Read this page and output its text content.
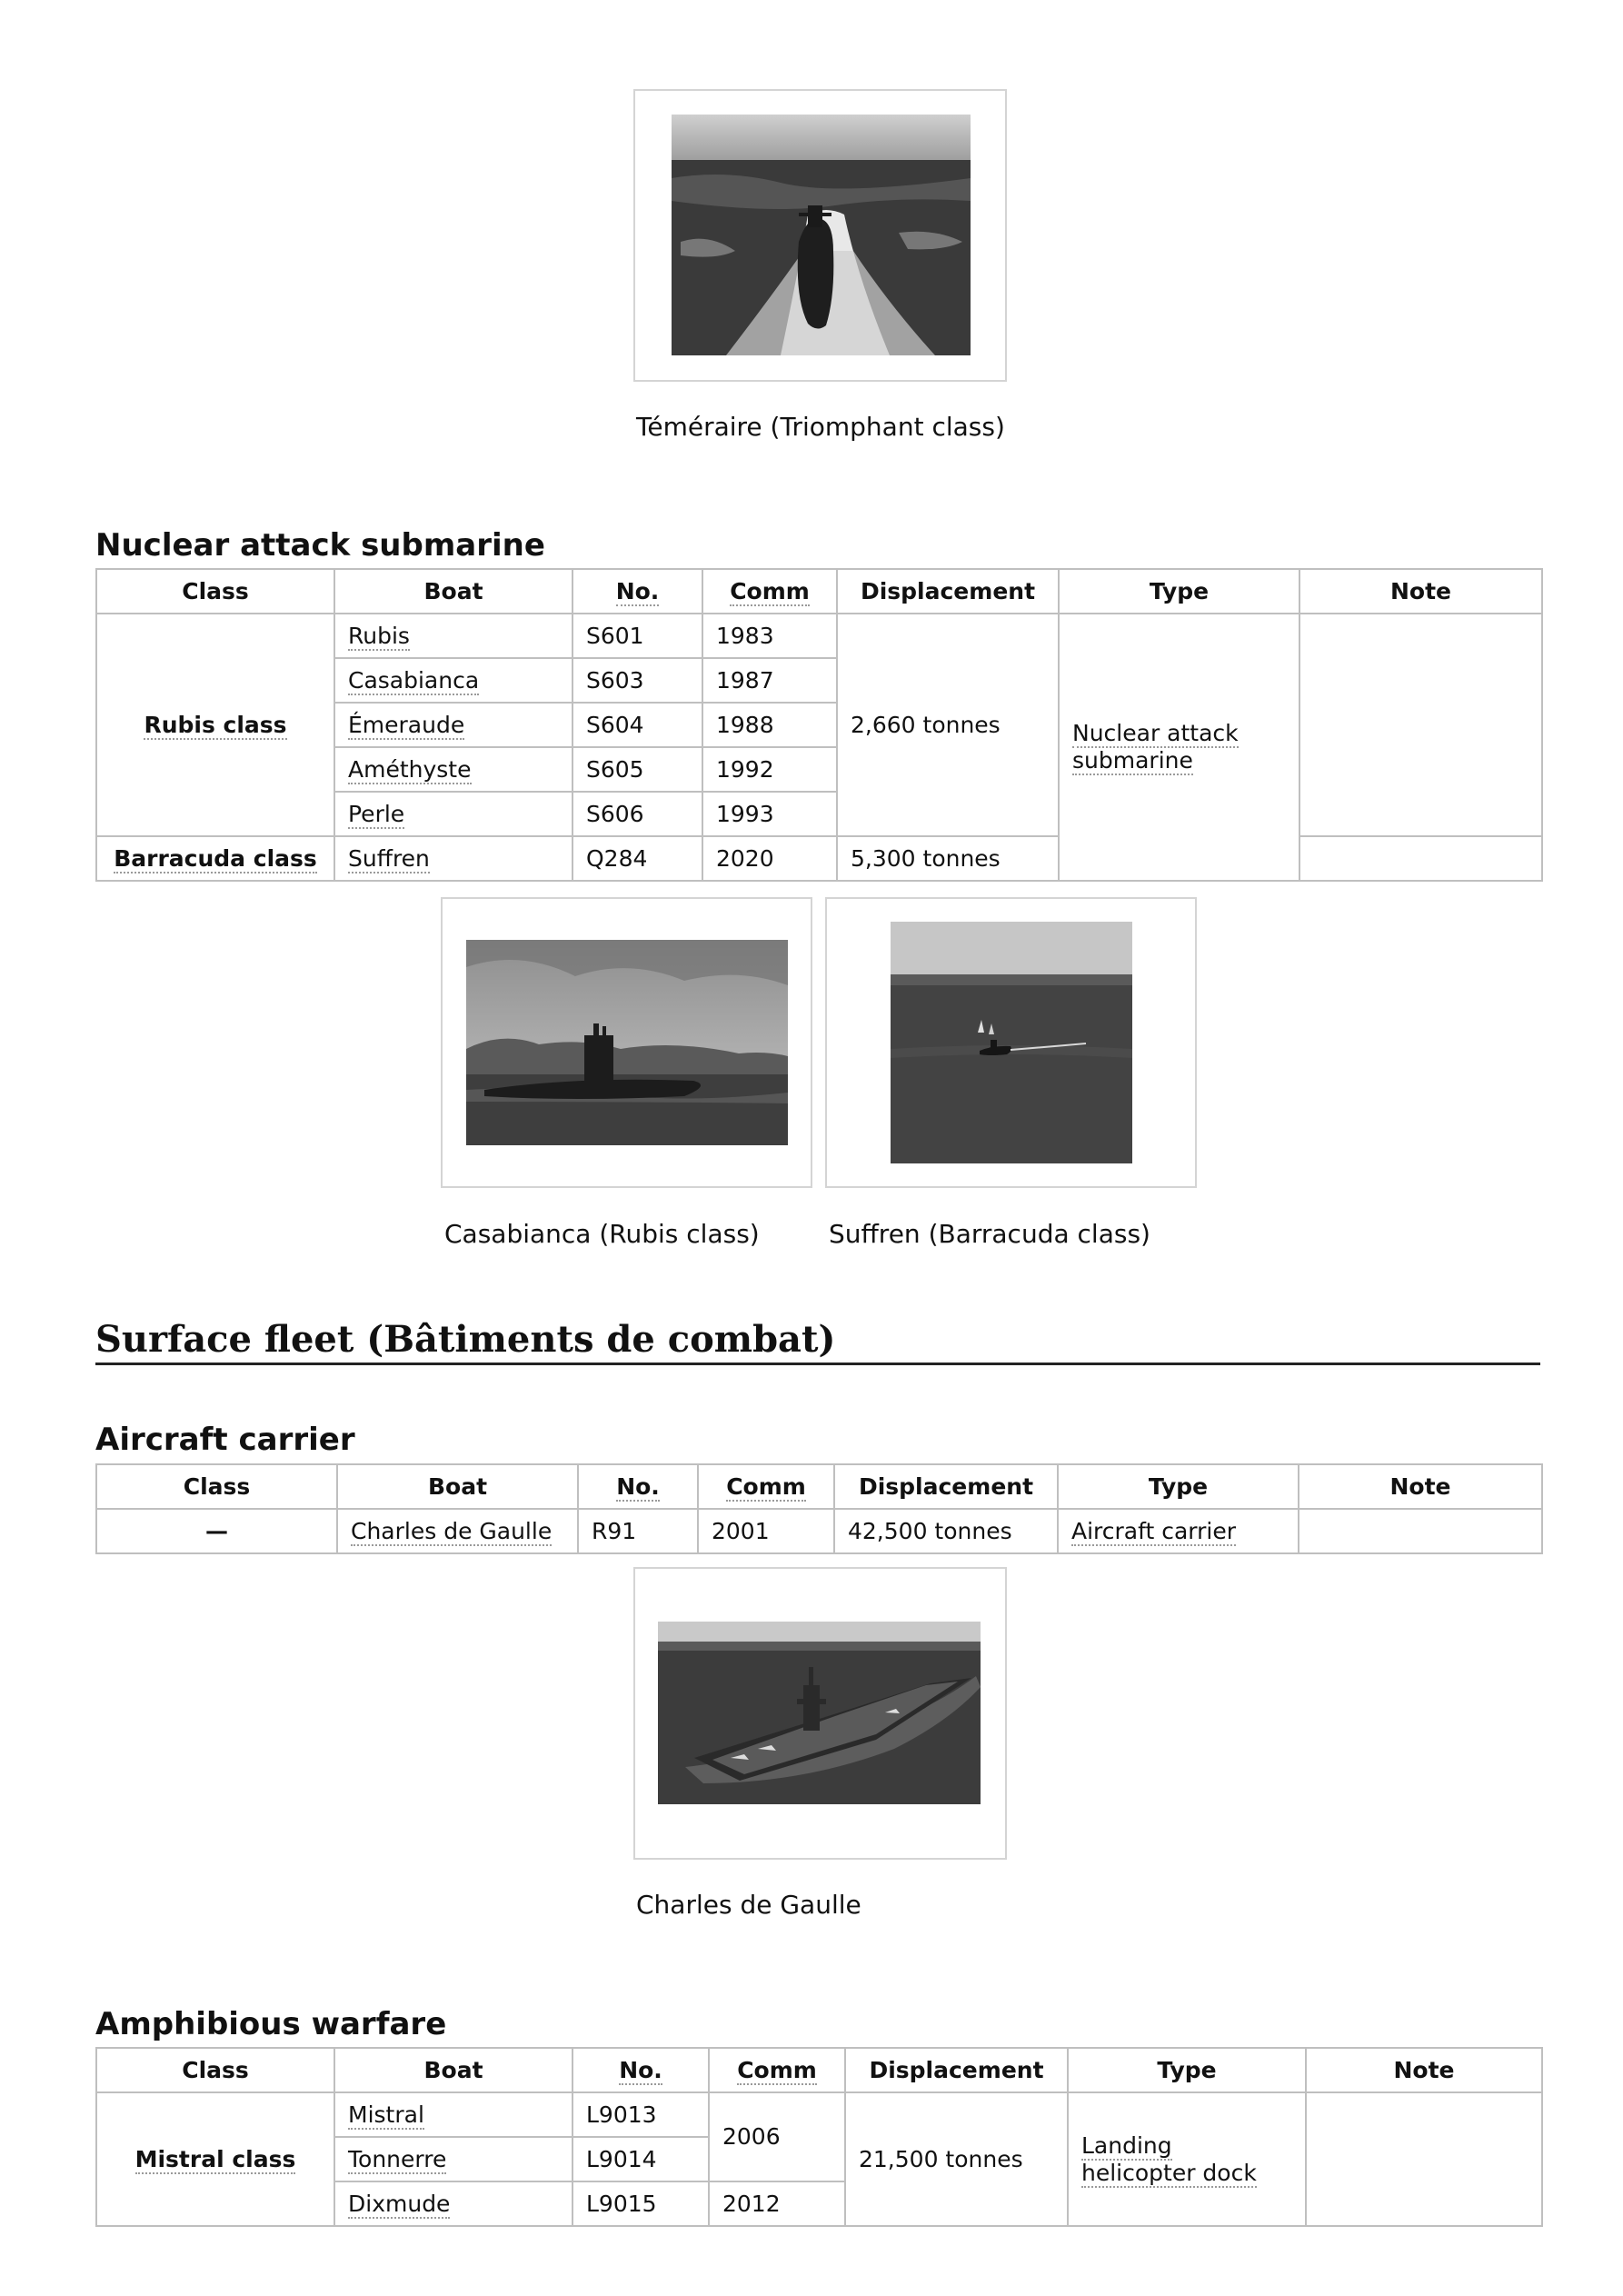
Téméraire (Triomphant class)
Nuclear attack submarine
Class	Boat	No.	Comm	Displacement	Type	Note
Rubis class	Rubis	S601	1983	2,660 tonnes	Nuclear attack submarine	
	Casabianca	S603	1987			
	Émeraude	S604	1988			
	Améthyste	S605	1992			
	Perle	S606	1993			
Barracuda class	Suffren	Q284	2020	5,300 tonnes		
Casabianca (Rubis class)	Suffren (Barracuda class)
Surface fleet (Bâtiments de combat)
Aircraft carrier
Class	Boat	No.	Comm	Displacement	Type	Note
—	Charles de Gaulle	R91	2001	42,500 tonnes	Aircraft carrier	
Charles de Gaulle
Amphibious warfare
Class	Boat	No.	Comm	Displacement	Type	Note
Mistral class	Mistral	L9013	2006	21,500 tonnes	Landing helicopter dock	
	Tonnerre	L9014				
	Dixmude	L9015	2012			
